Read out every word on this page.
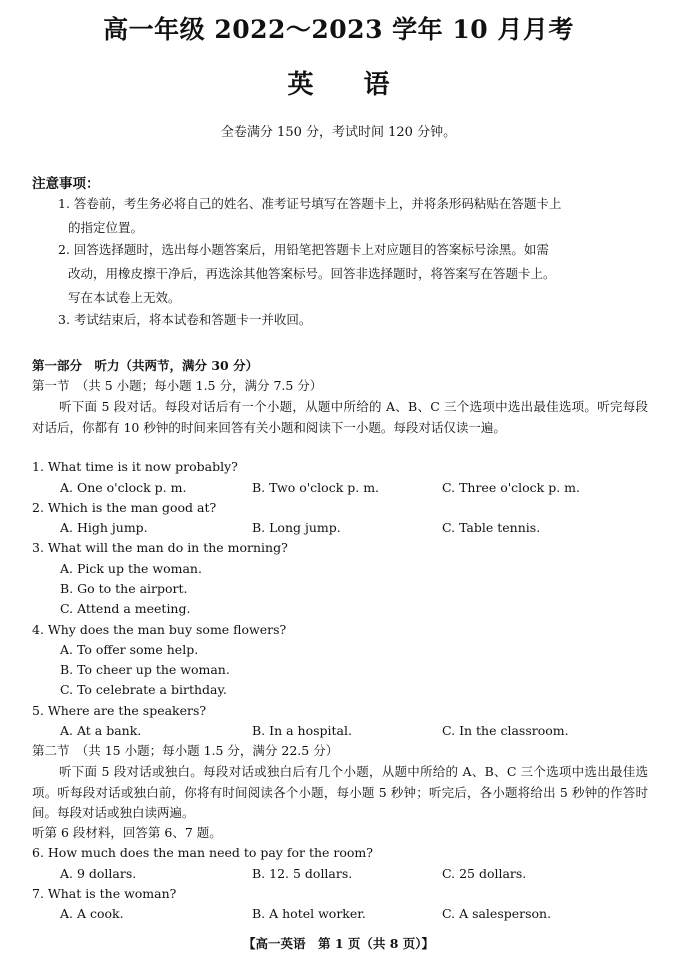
高一年级 2022～2023 学年 10 月月考
英 语
全卷满分 150 分，考试时间 120 分钟。
注意事项：
1. 答卷前，考生务必将自己的姓名、准考证号填写在答题卡上，并将条形码粘贴在答题卡上
的指定位置。
2. 回答选择题时，选出每小题答案后，用铅笔把答题卡上对应题目的答案标号涂黑。如需
改动，用橡皮擦干净后，再选涂其他答案标号。回答非选择题时，将答案写在答题卡上。
写在本试卷上无效。
3. 考试结束后，将本试卷和答题卡一并收回。
第一部分　听力（共两节，满分 30 分）
第一节　（共 5 小题；每小题 1.5 分，满分 7.5 分）
听下面 5 段对话。每段对话后有一个小题，从题中所给的 A、B、C 三个选项中选出最佳选项。听完每段对话后，你都有 10 秒钟的时间来回答有关小题和阅读下一小题。每段对话仅读一遍。
1. What time is it now probably?
A. One o'clock p. m.	B. Two o'clock p. m.	C. Three o'clock p. m.
2. Which is the man good at?
A. High jump.	B. Long jump.	C. Table tennis.
3. What will the man do in the morning?
A. Pick up the woman.
B. Go to the airport.
C. Attend a meeting.
4. Why does the man buy some flowers?
A. To offer some help.
B. To cheer up the woman.
C. To celebrate a birthday.
5. Where are the speakers?
A. At a bank.	B. In a hospital.	C. In the classroom.
第二节　（共 15 小题；每小题 1.5 分，满分 22.5 分）
听下面 5 段对话或独白。每段对话或独白后有几个小题，从题中所给的 A、B、C 三个选项中选出最佳选项。听每段对话或独白前，你将有时间阅读各个小题，每小题 5 秒钟；听完后，各小题将给出 5 秒钟的作答时间。每段对话或独白读两遍。
听第 6 段材料，回答第 6、7 题。
6. How much does the man need to pay for the room?
A. 9 dollars.	B. 12. 5 dollars.	C. 25 dollars.
7. What is the woman?
A. A cook.	B. A hotel worker.	C. A salesperson.
【高一英语　第 1 页（共 8 页）】
